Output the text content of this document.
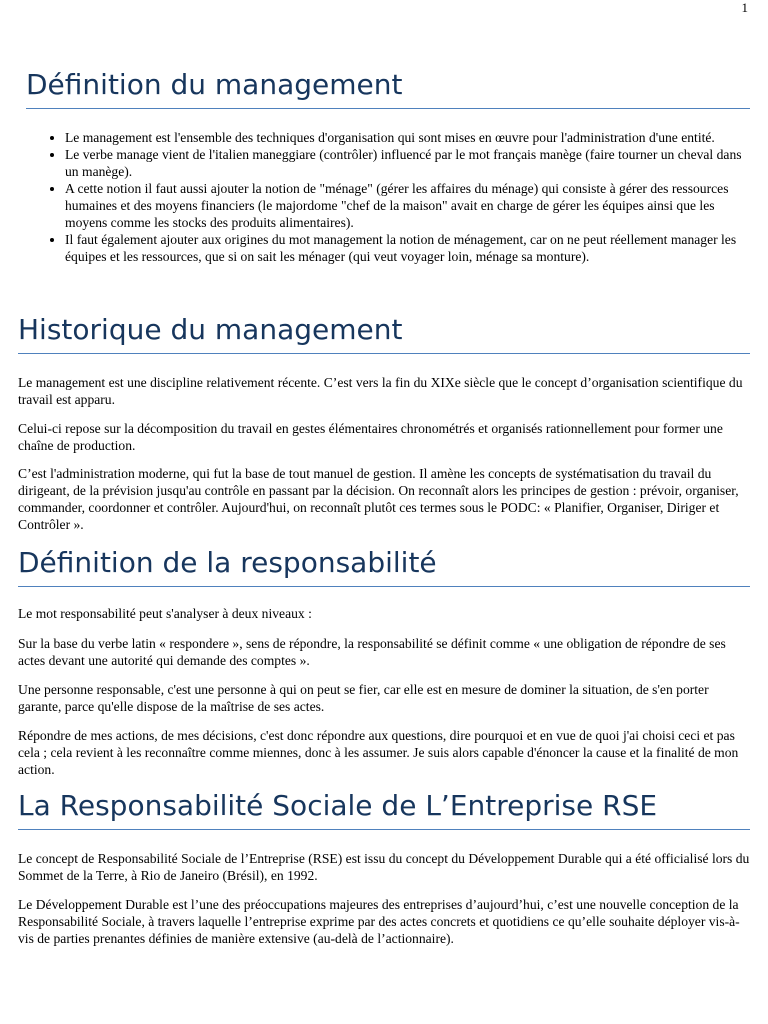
1
Définition du management
• Le management est l'ensemble des techniques d'organisation qui sont mises en œuvre pour l'administration d'une entité.
• Le verbe manage vient de l'italien maneggiare (contrôler) influencé par le mot français manège (faire tourner un cheval dans un manège).
• A cette notion il faut aussi ajouter la notion de "ménage" (gérer les affaires du ménage) qui consiste à gérer des ressources humaines et des moyens financiers (le majordome "chef de la maison" avait en charge de gérer les équipes ainsi que les moyens comme les stocks des produits alimentaires).
• Il faut également ajouter aux origines du mot management la notion de ménagement, car on ne peut réellement manager les équipes et les ressources, que si on sait les ménager (qui veut voyager loin, ménage sa monture).
Historique du management

Le management est une discipline relativement récente. C’est vers la fin du XIXe siècle que le concept d’organisation scientifique du travail est apparu.

Celui-ci repose sur la décomposition du travail en gestes élémentaires chronométrés et organisés rationnellement pour former une chaîne de production.

C’est l'administration moderne, qui fut la base de tout manuel de gestion. Il amène les concepts de systématisation du travail du dirigeant, de la prévision jusqu'au contrôle en passant par la décision. On reconnaît alors les principes de gestion : prévoir, organiser, commander, coordonner et contrôler. Aujourd'hui, on reconnaît plutôt ces termes sous le PODC: « Planifier, Organiser, Diriger et Contrôler ».

Définition de la responsabilité

Le mot responsabilité peut s'analyser à deux niveaux :

Sur la base du verbe latin « respondere », sens de répondre, la responsabilité se définit comme « une obligation de répondre de ses actes devant une autorité qui demande des comptes ».

Une personne responsable, c'est une personne à qui on peut se fier, car elle est en mesure de dominer la situation, de s'en porter garante, parce qu'elle dispose de la maîtrise de ses actes.

Répondre de mes actions, de mes décisions, c'est donc répondre aux questions, dire pourquoi et en vue de quoi j'ai choisi ceci et pas cela ; cela revient à les reconnaître comme miennes, donc à les assumer. Je suis alors capable d'énoncer la cause et la finalité de mon action.

La Responsabilité Sociale de L’Entreprise RSE

Le concept de Responsabilité Sociale de l’Entreprise (RSE) est issu du concept du Développement Durable qui a été officialisé lors du Sommet de la Terre, à Rio de Janeiro (Brésil), en 1992.

Le Développement Durable est l’une des préoccupations majeures des entreprises d’aujourd’hui, c’est une nouvelle conception de la Responsabilité Sociale, à travers laquelle l’entreprise exprime par des actes concrets et quotidiens ce qu’elle souhaite déployer vis-à-vis de parties prenantes définies de manière extensive (au-delà de l’actionnaire).
